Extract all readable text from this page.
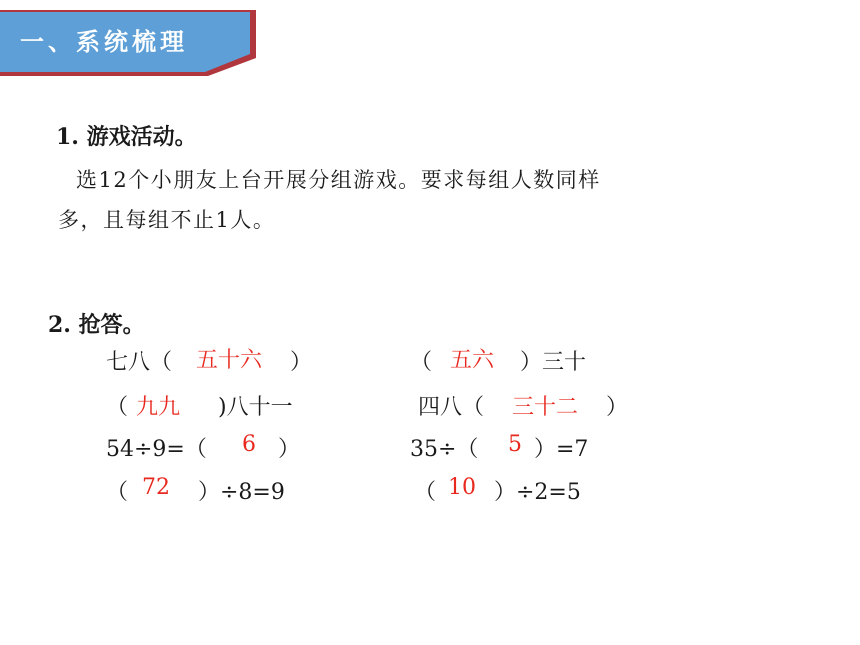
一、系统梳理
1. 游戏活动。
选12个小朋友上台开展分组游戏。要求每组人数同样
多，且每组不止1人。
2. 抢答。
七八（ 五十六 ）	（ 五六 ）三十
（ 九九 )八十一	四八（ 三十二 ）
54÷9=（ 6 ）	35÷（ 5 ）=7
（ 72 ）÷8=9	（ 10 ）÷2=5
